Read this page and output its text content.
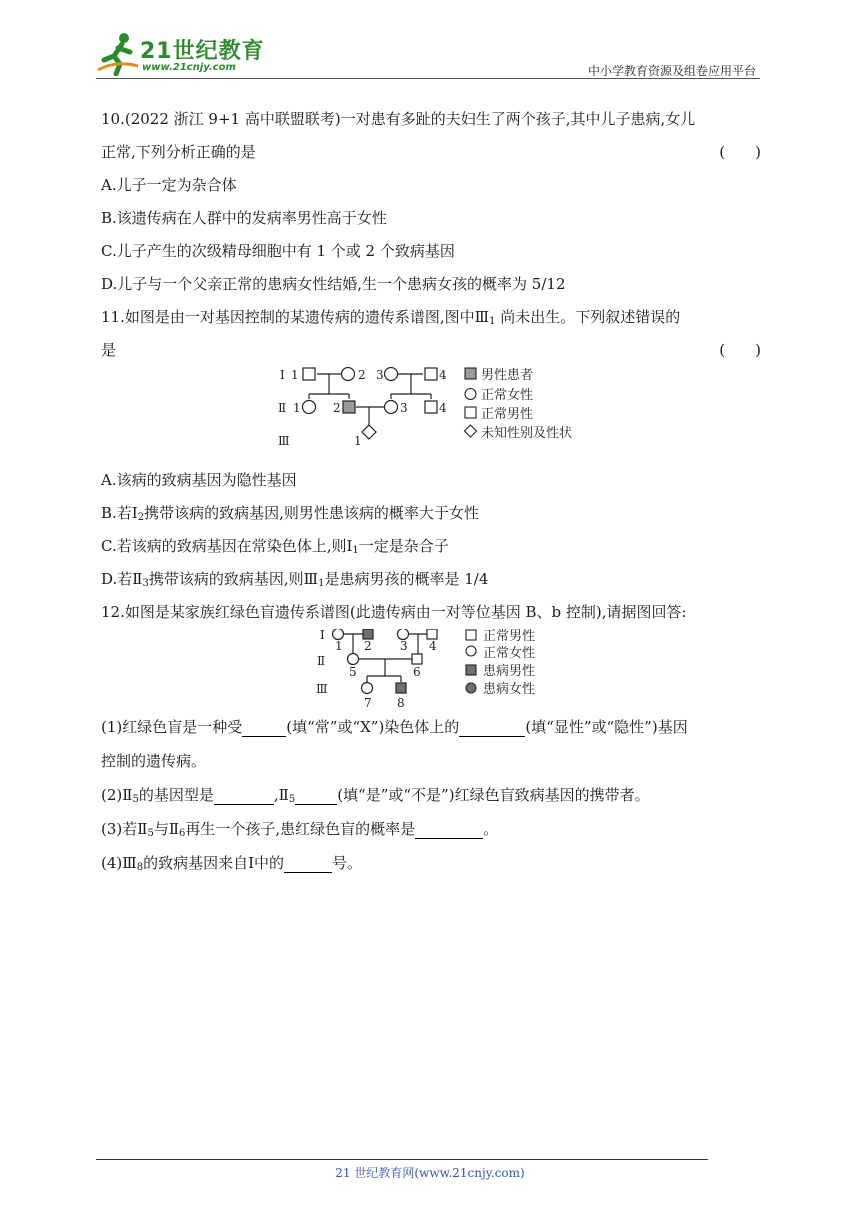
21世纪教育
www.21cnjy.com	中小学教育资源及组卷应用平台
10.(2022 浙江 9+1 高中联盟联考)一对患有多趾的夫妇生了两个孩子,其中儿子患病,女儿
正常,下列分析正确的是	(　　)
A.儿子一定为杂合体
B.该遗传病在人群中的发病率男性高于女性
C.儿子产生的次级精母细胞中有 1 个或 2 个致病基因
D.儿子与一个父亲正常的患病女性结婚,生一个患病女孩的概率为 5/12
11.如图是由一对基因控制的某遗传病的遗传系谱图,图中$Ⅲ_1$ 尚未出生。下列叙述错误的
是	(　　)
Ⅰ 1	2 3	4
Ⅱ 1	2	3	4
Ⅲ	1
男性患者
正常女性
正常男性
未知性别及性状
A.该病的致病基因为隐性基因
B.若$Ⅰ_2$携带该病的致病基因,则男性患该病的概率大于女性
C.若该病的致病基因在常染色体上,则$Ⅰ_1$一定是杂合子
D.若$Ⅱ_3$携带该病的致病基因,则$Ⅲ_1$是患病男孩的概率是 1/4
12.如图是某家族红绿色盲遗传系谱图(此遗传病由一对等位基因 B、b 控制),请据图回答:
Ⅰ
1 2 3 4
Ⅱ
5	6
Ⅲ
7 8
正常男性
正常女性
患病男性
患病女性
(1)红绿色盲是一种受	(填“常”或“X”)染色体上的	(填“显性”或“隐性”)基因
控制的遗传病。
$(2)Ⅱ_5$的基因型是	$,Ⅱ_5$	(填“是”或“不是”)红绿色盲致病基因的携带者。
(3)若$Ⅱ_5$与$Ⅱ_6$再生一个孩子,患红绿色盲的概率是	。
$(4)Ⅲ_8$的致病基因来自Ⅰ中的	号。
21 世纪教育网(www.21cnjy.com)
